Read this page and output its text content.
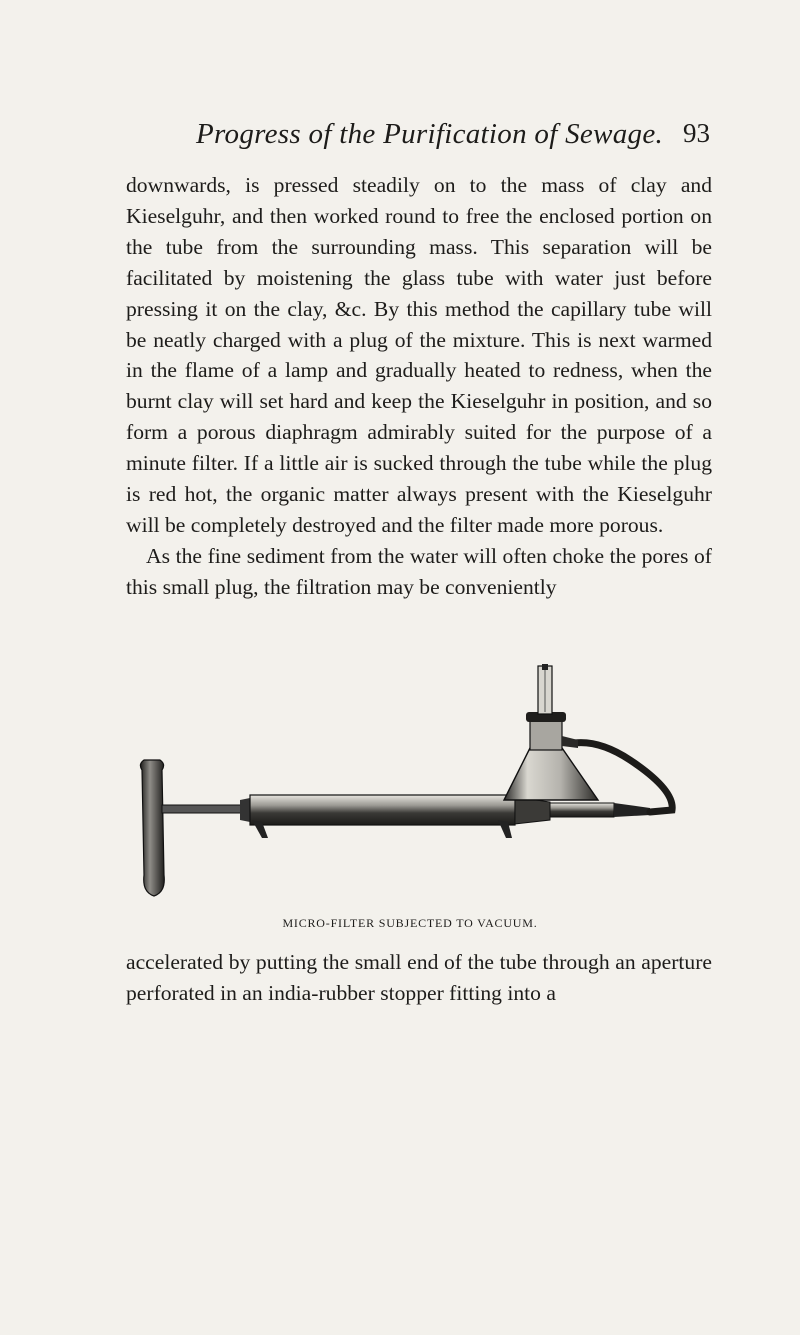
Progress of the Purification of Sewage. 93

downwards, is pressed steadily on to the mass of clay and Kieselguhr, and then worked round to free the enclosed portion on the tube from the surrounding mass. This separation will be facilitated by moistening the glass tube with water just before pressing it on the clay, &c. By this method the capillary tube will be neatly charged with a plug of the mixture. This is next warmed in the flame of a lamp and gradually heated to redness, when the burnt clay will set hard and keep the Kieselguhr in position, and so form a porous diaphragm admirably suited for the purpose of a minute filter. If a little air is sucked through the tube while the plug is red hot, the organic matter always present with the Kieselguhr will be completely destroyed and the filter made more porous.

As the fine sediment from the water will often choke the pores of this small plug, the filtration may be conveniently

MICRO-FILTER SUBJECTED TO VACUUM.

accelerated by putting the small end of the tube through an aperture perforated in an india-rubber stopper fitting into a
